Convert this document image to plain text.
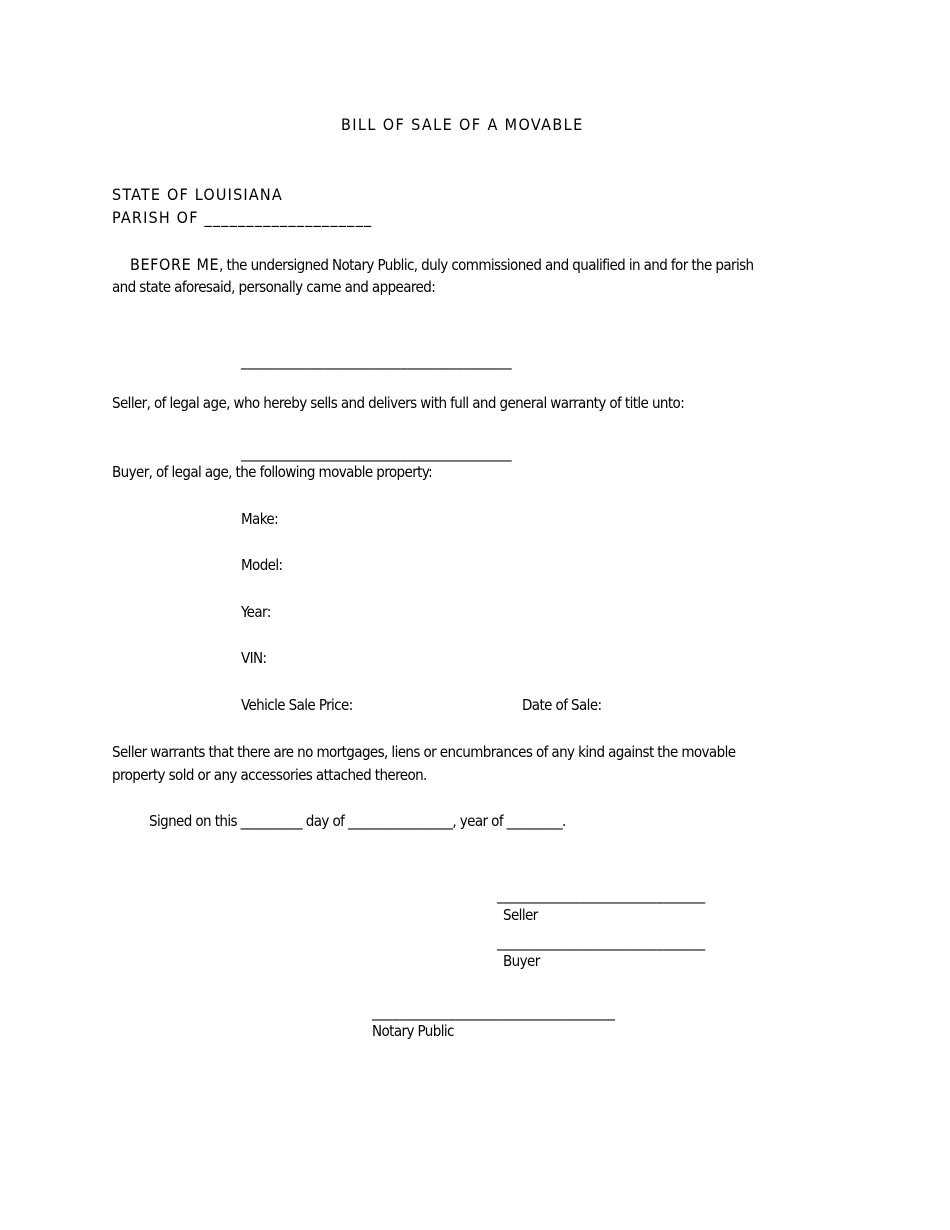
BILL OF SALE OF A MOVABLE
STATE OF LOUISIANA
PARISH OF ____________________
BEFORE ME, the undersigned Notary Public, duly commissioned and qualified in and for the parish
and state aforesaid, personally came and appeared:
_______________________________________
Seller, of legal age, who hereby sells and delivers with full and general warranty of title unto:
_______________________________________
Buyer, of legal age, the following movable property:
Make:
Model:
Year:
VIN:
Vehicle Sale Price:	Date of Sale:
Seller warrants that there are no mortgages, liens or encumbrances of any kind against the movable
property sold or any accessories attached thereon.
Signed on this __________ day of _________________, year of _________.
______________________________
Seller
______________________________
Buyer
___________________________________
Notary Public
